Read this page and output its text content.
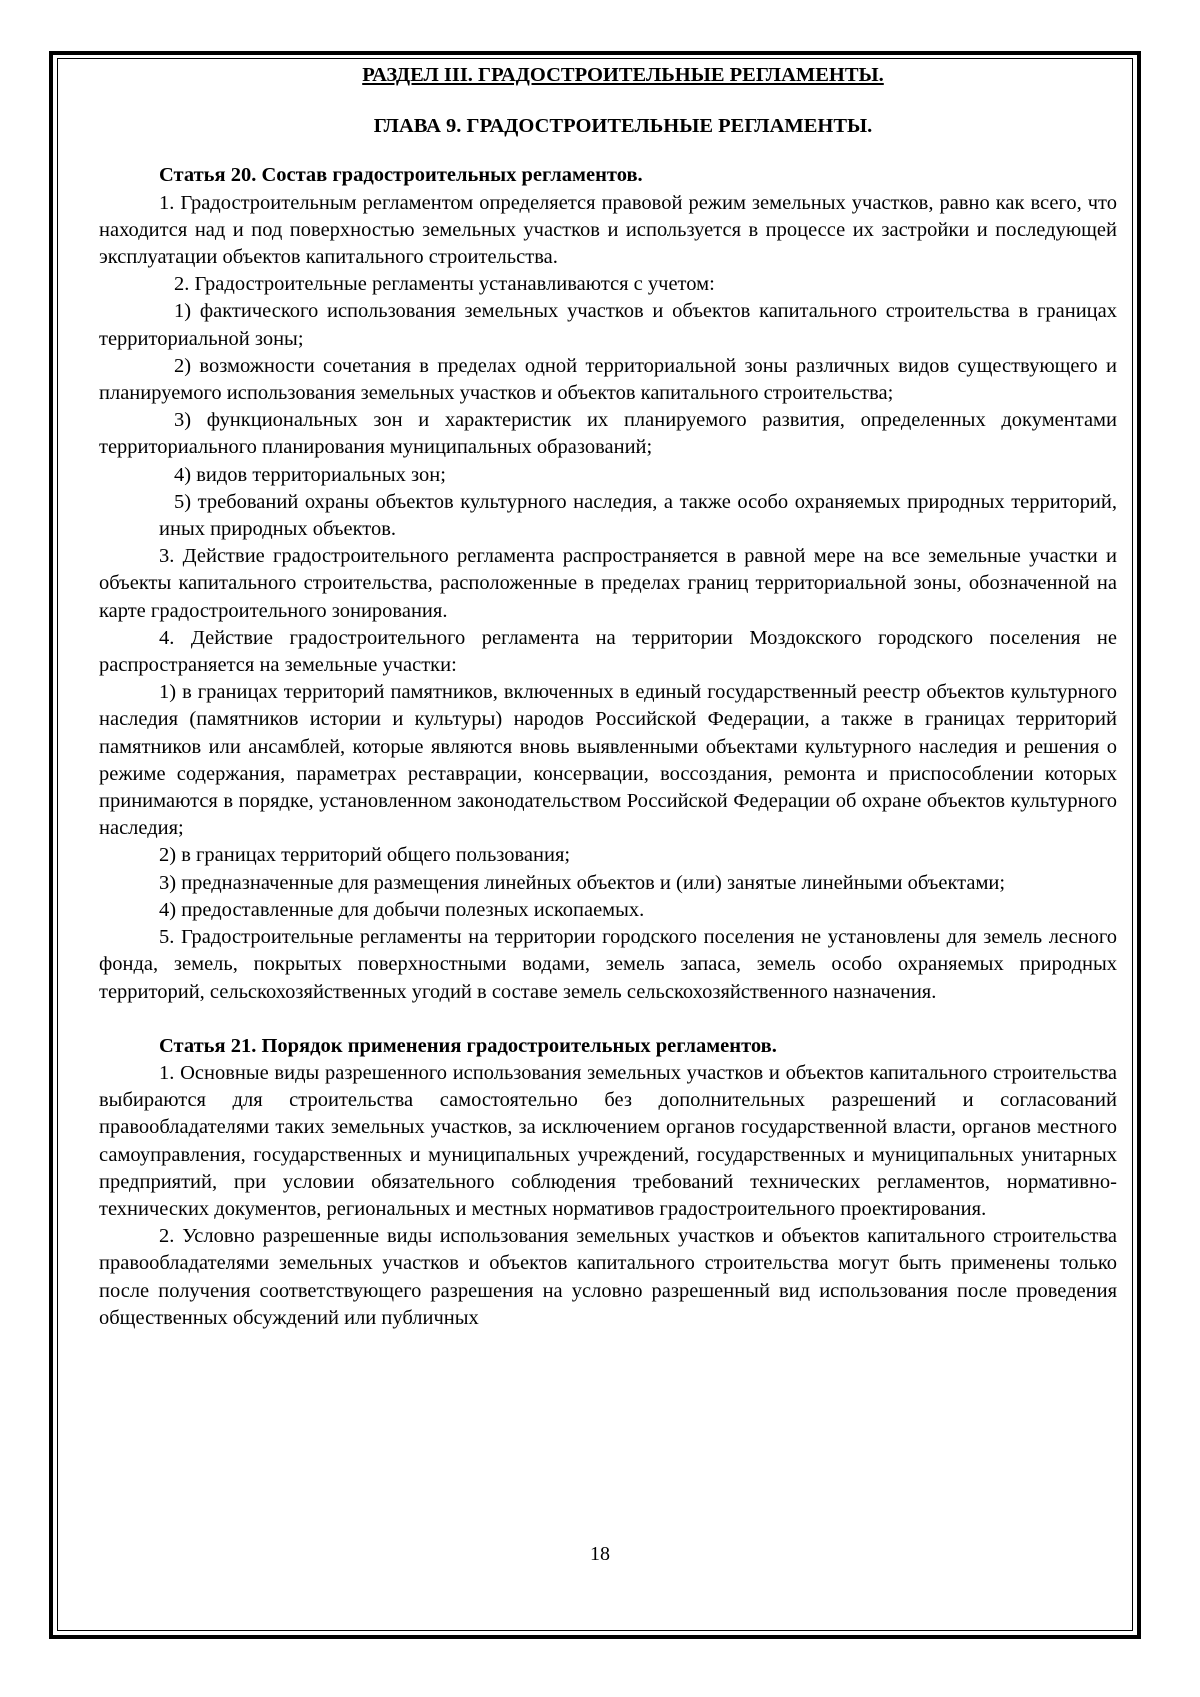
РАЗДЕЛ III. ГРАДОСТРОИТЕЛЬНЫЕ РЕГЛАМЕНТЫ.
ГЛАВА 9. ГРАДОСТРОИТЕЛЬНЫЕ РЕГЛАМЕНТЫ.
Статья 20. Состав градостроительных регламентов.

1. Градостроительным регламентом определяется правовой режим земельных участков, равно как всего, что находится над и под поверхностью земельных участков и используется в процессе их застройки и последующей эксплуатации объектов капитального строительства.

2. Градостроительные регламенты устанавливаются с учетом:

1) фактического использования земельных участков и объектов капитального строительства в границах территориальной зоны;

2) возможности сочетания в пределах одной территориальной зоны различных видов существующего и планируемого использования земельных участков и объектов капитального строительства;

3) функциональных зон и характеристик их планируемого развития, определенных документами территориального планирования муниципальных образований;

4) видов территориальных зон;

5) требований охраны объектов культурного наследия, а также особо охраняемых природных территорий, иных природных объектов.

3. Действие градостроительного регламента распространяется в равной мере на все земельные участки и объекты капитального строительства, расположенные в пределах границ территориальной зоны, обозначенной на карте градостроительного зонирования.

4. Действие градостроительного регламента на территории Моздокского городского поселения не распространяется на земельные участки:

1) в границах территорий памятников, включенных в единый государственный реестр объектов культурного наследия (памятников истории и культуры) народов Российской Федерации, а также в границах территорий памятников или ансамблей, которые являются вновь выявленными объектами культурного наследия и решения о режиме содержания, параметрах реставрации, консервации, воссоздания, ремонта и приспособлении которых принимаются в порядке, установленном законодательством Российской Федерации об охране объектов культурного наследия;

2) в границах территорий общего пользования;

3) предназначенные для размещения линейных объектов и (или) занятые линейными объектами;

4) предоставленные для добычи полезных ископаемых.

5. Градостроительные регламенты на территории городского поселения не установлены для земель лесного фонда, земель, покрытых поверхностными водами, земель запаса, земель особо охраняемых природных территорий, сельскохозяйственных угодий в составе земель сельскохозяйственного назначения.

Статья 21. Порядок применения градостроительных регламентов.

1. Основные виды разрешенного использования земельных участков и объектов капитального строительства выбираются для строительства самостоятельно без дополнительных разрешений и согласований правообладателями таких земельных участков, за исключением органов государственной власти, органов местного самоуправления, государственных и муниципальных учреждений, государственных и муниципальных унитарных предприятий, при условии обязательного соблюдения требований технических регламентов, нормативно-технических документов, региональных и местных нормативов градостроительного проектирования.

2. Условно разрешенные виды использования земельных участков и объектов капитального строительства правообладателями земельных участков и объектов капитального строительства могут быть применены только после получения соответствующего разрешения на условно разрешенный вид использования после проведения общественных обсуждений или публичных

18
